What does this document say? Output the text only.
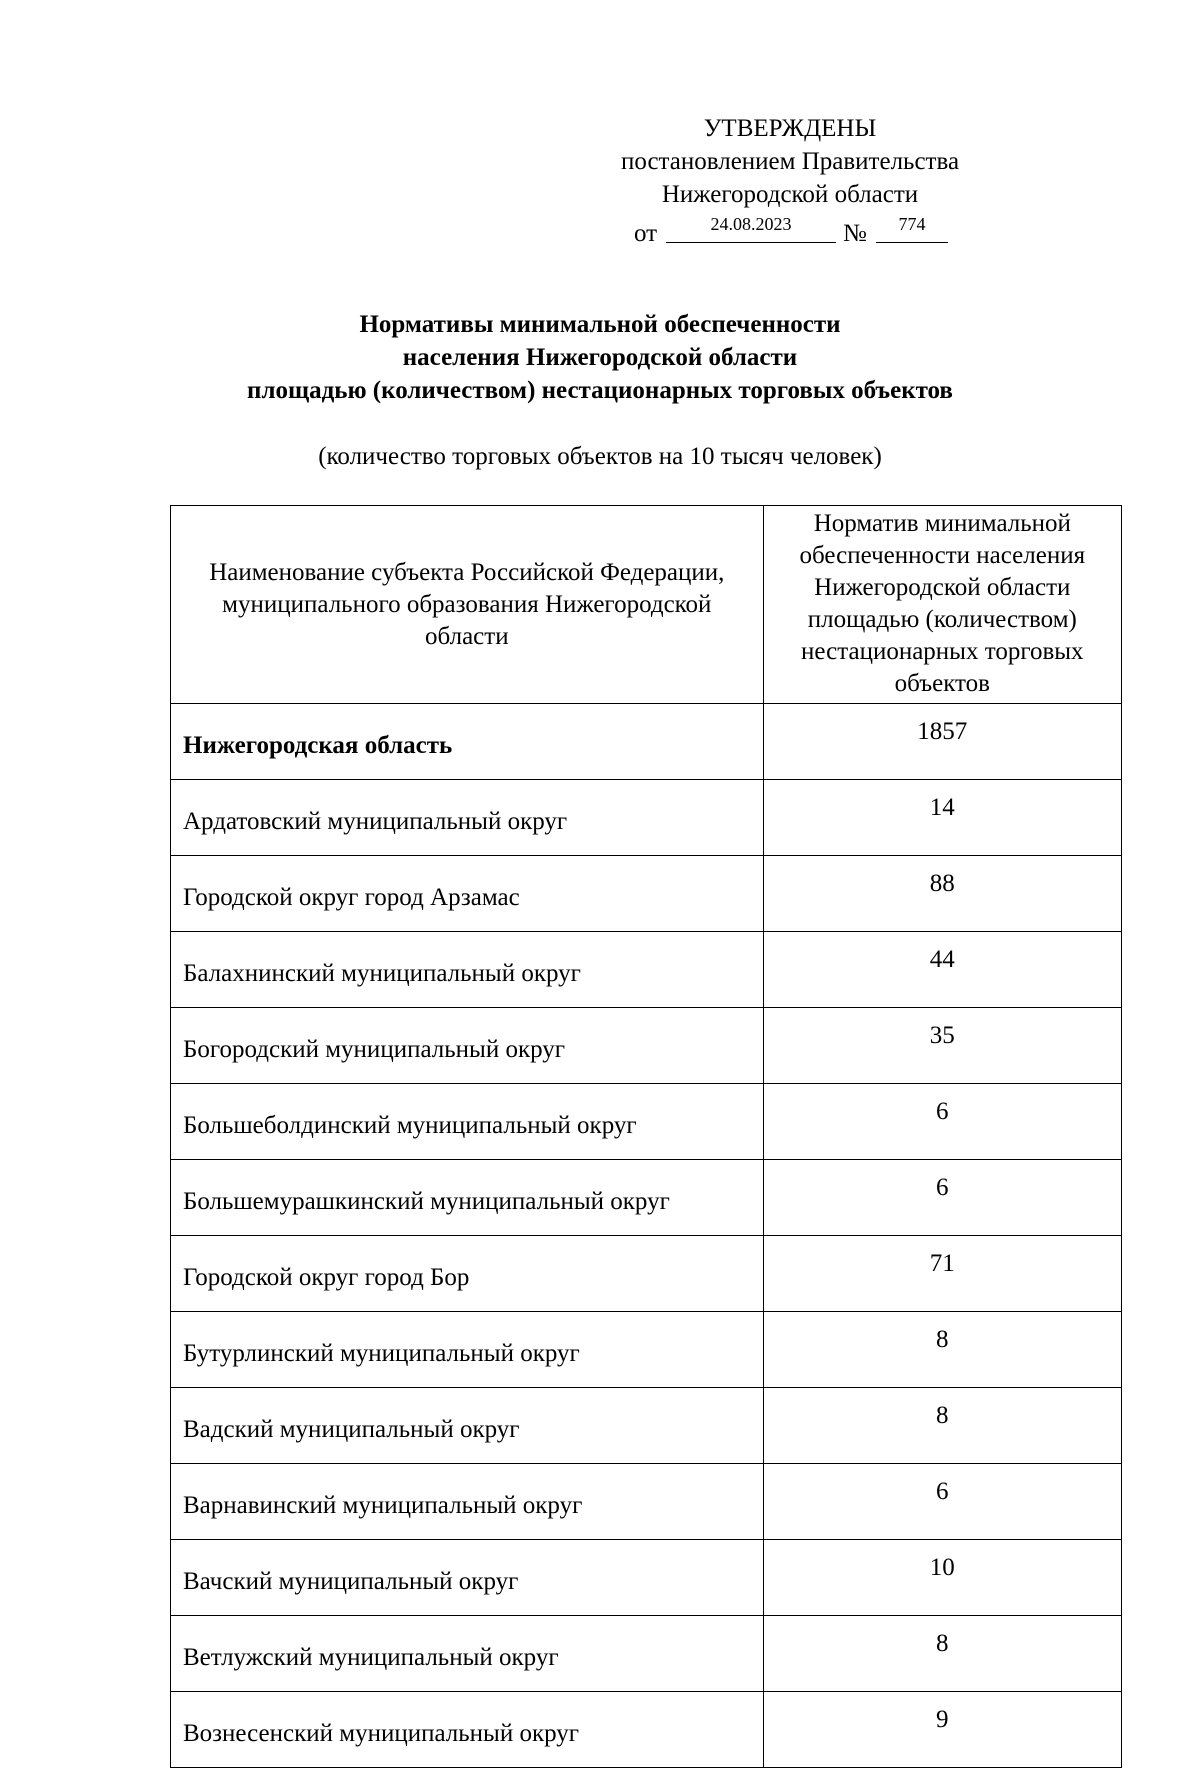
УТВЕРЖДЕНЫ
постановлением Правительства
Нижегородской области
от	24.08.2023	№	774
Нормативы минимальной обеспеченности
населения Нижегородской области
площадью (количеством) нестационарных торговых объектов
(количество торговых объектов на 10 тысяч человек)
Наименование субъекта Российской Федерации, муниципального образования Нижегородской области	Норматив минимальной обеспеченности населения Нижегородской области площадью (количеством) нестационарных торговых объектов
Нижегородская область	1857
Ардатовский муниципальный округ	14
Городской округ город Арзамас	88
Балахнинский муниципальный округ	44
Богородский муниципальный округ	35
Большеболдинский муниципальный округ	6
Большемурашкинский муниципальный округ	6
Городской округ город Бор	71
Бутурлинский муниципальный округ	8
Вадский муниципальный округ	8
Варнавинский муниципальный округ	6
Вачский муниципальный округ	10
Ветлужский муниципальный округ	8
Вознесенский муниципальный округ	9
